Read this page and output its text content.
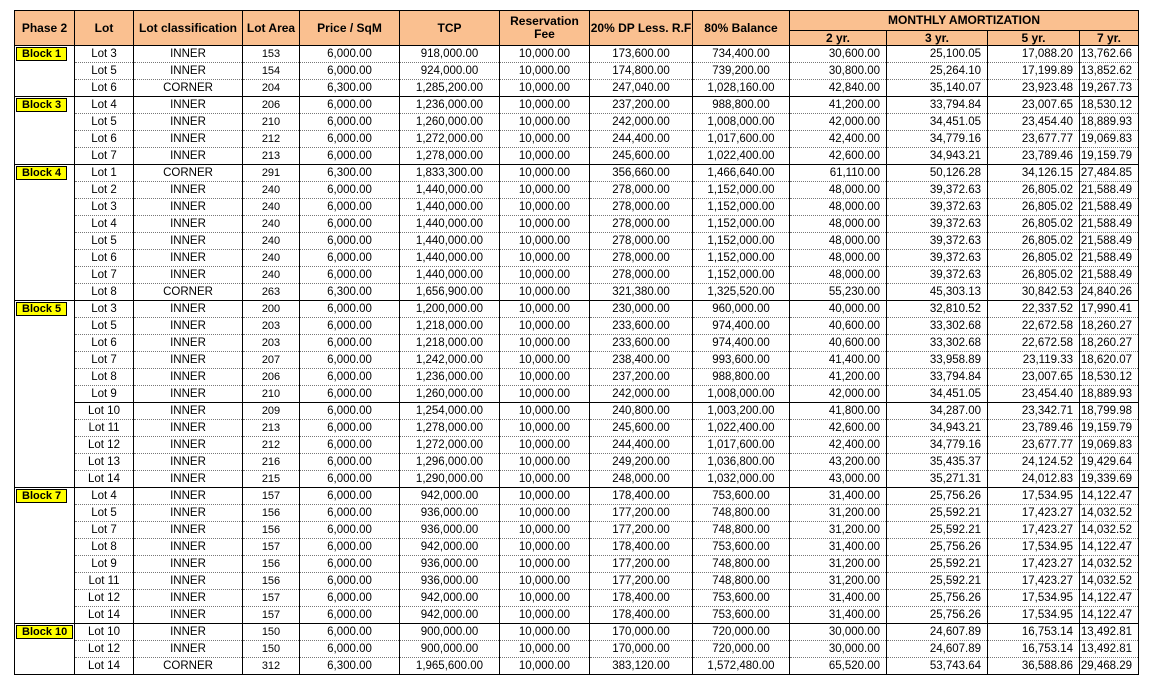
Phase 2	Lot	Lot classification	Lot Area	Price / SqM	TCP	Reservation Fee	20% DP Less. R.F	80% Balance	MONTHLY AMORTIZATION		
									2 yr.	3 yr.	5 yr.	7 yr.
Block 1	Lot 3	INNER	153	6,000.00	918,000.00	10,000.00	173,600.00	734,400.00	30,600.00	25,100.05	17,088.20	13,762.66
	Lot 5	INNER	154	6,000.00	924,000.00	10,000.00	174,800.00	739,200.00	30,800.00	25,264.10	17,199.89	13,852.62
	Lot 6	CORNER	204	6,300.00	1,285,200.00	10,000.00	247,040.00	1,028,160.00	42,840.00	35,140.07	23,923.48	19,267.73
Block 3	Lot 4	INNER	206	6,000.00	1,236,000.00	10,000.00	237,200.00	988,800.00	41,200.00	33,794.84	23,007.65	18,530.12
	Lot 5	INNER	210	6,000.00	1,260,000.00	10,000.00	242,000.00	1,008,000.00	42,000.00	34,451.05	23,454.40	18,889.93
	Lot 6	INNER	212	6,000.00	1,272,000.00	10,000.00	244,400.00	1,017,600.00	42,400.00	34,779.16	23,677.77	19,069.83
	Lot 7	INNER	213	6,000.00	1,278,000.00	10,000.00	245,600.00	1,022,400.00	42,600.00	34,943.21	23,789.46	19,159.79
Block 4	Lot 1	CORNER	291	6,300.00	1,833,300.00	10,000.00	356,660.00	1,466,640.00	61,110.00	50,126.28	34,126.15	27,484.85
	Lot 2	INNER	240	6,000.00	1,440,000.00	10,000.00	278,000.00	1,152,000.00	48,000.00	39,372.63	26,805.02	21,588.49
	Lot 3	INNER	240	6,000.00	1,440,000.00	10,000.00	278,000.00	1,152,000.00	48,000.00	39,372.63	26,805.02	21,588.49
	Lot 4	INNER	240	6,000.00	1,440,000.00	10,000.00	278,000.00	1,152,000.00	48,000.00	39,372.63	26,805.02	21,588.49
	Lot 5	INNER	240	6,000.00	1,440,000.00	10,000.00	278,000.00	1,152,000.00	48,000.00	39,372.63	26,805.02	21,588.49
	Lot 6	INNER	240	6,000.00	1,440,000.00	10,000.00	278,000.00	1,152,000.00	48,000.00	39,372.63	26,805.02	21,588.49
	Lot 7	INNER	240	6,000.00	1,440,000.00	10,000.00	278,000.00	1,152,000.00	48,000.00	39,372.63	26,805.02	21,588.49
	Lot 8	CORNER	263	6,300.00	1,656,900.00	10,000.00	321,380.00	1,325,520.00	55,230.00	45,303.13	30,842.53	24,840.26
Block 5	Lot 3	INNER	200	6,000.00	1,200,000.00	10,000.00	230,000.00	960,000.00	40,000.00	32,810.52	22,337.52	17,990.41
	Lot 5	INNER	203	6,000.00	1,218,000.00	10,000.00	233,600.00	974,400.00	40,600.00	33,302.68	22,672.58	18,260.27
	Lot 6	INNER	203	6,000.00	1,218,000.00	10,000.00	233,600.00	974,400.00	40,600.00	33,302.68	22,672.58	18,260.27
	Lot 7	INNER	207	6,000.00	1,242,000.00	10,000.00	238,400.00	993,600.00	41,400.00	33,958.89	23,119.33	18,620.07
	Lot 8	INNER	206	6,000.00	1,236,000.00	10,000.00	237,200.00	988,800.00	41,200.00	33,794.84	23,007.65	18,530.12
	Lot 9	INNER	210	6,000.00	1,260,000.00	10,000.00	242,000.00	1,008,000.00	42,000.00	34,451.05	23,454.40	18,889.93
	Lot 10	INNER	209	6,000.00	1,254,000.00	10,000.00	240,800.00	1,003,200.00	41,800.00	34,287.00	23,342.71	18,799.98
	Lot 11	INNER	213	6,000.00	1,278,000.00	10,000.00	245,600.00	1,022,400.00	42,600.00	34,943.21	23,789.46	19,159.79
	Lot 12	INNER	212	6,000.00	1,272,000.00	10,000.00	244,400.00	1,017,600.00	42,400.00	34,779.16	23,677.77	19,069.83
	Lot 13	INNER	216	6,000.00	1,296,000.00	10,000.00	249,200.00	1,036,800.00	43,200.00	35,435.37	24,124.52	19,429.64
	Lot 14	INNER	215	6,000.00	1,290,000.00	10,000.00	248,000.00	1,032,000.00	43,000.00	35,271.31	24,012.83	19,339.69
Block 7	Lot 4	INNER	157	6,000.00	942,000.00	10,000.00	178,400.00	753,600.00	31,400.00	25,756.26	17,534.95	14,122.47
	Lot 5	INNER	156	6,000.00	936,000.00	10,000.00	177,200.00	748,800.00	31,200.00	25,592.21	17,423.27	14,032.52
	Lot 7	INNER	156	6,000.00	936,000.00	10,000.00	177,200.00	748,800.00	31,200.00	25,592.21	17,423.27	14,032.52
	Lot 8	INNER	157	6,000.00	942,000.00	10,000.00	178,400.00	753,600.00	31,400.00	25,756.26	17,534.95	14,122.47
	Lot 9	INNER	156	6,000.00	936,000.00	10,000.00	177,200.00	748,800.00	31,200.00	25,592.21	17,423.27	14,032.52
	Lot 11	INNER	156	6,000.00	936,000.00	10,000.00	177,200.00	748,800.00	31,200.00	25,592.21	17,423.27	14,032.52
	Lot 12	INNER	157	6,000.00	942,000.00	10,000.00	178,400.00	753,600.00	31,400.00	25,756.26	17,534.95	14,122.47
	Lot 14	INNER	157	6,000.00	942,000.00	10,000.00	178,400.00	753,600.00	31,400.00	25,756.26	17,534.95	14,122.47
Block 10	Lot 10	INNER	150	6,000.00	900,000.00	10,000.00	170,000.00	720,000.00	30,000.00	24,607.89	16,753.14	13,492.81
	Lot 12	INNER	150	6,000.00	900,000.00	10,000.00	170,000.00	720,000.00	30,000.00	24,607.89	16,753.14	13,492.81
	Lot 14	CORNER	312	6,300.00	1,965,600.00	10,000.00	383,120.00	1,572,480.00	65,520.00	53,743.64	36,588.86	29,468.29
